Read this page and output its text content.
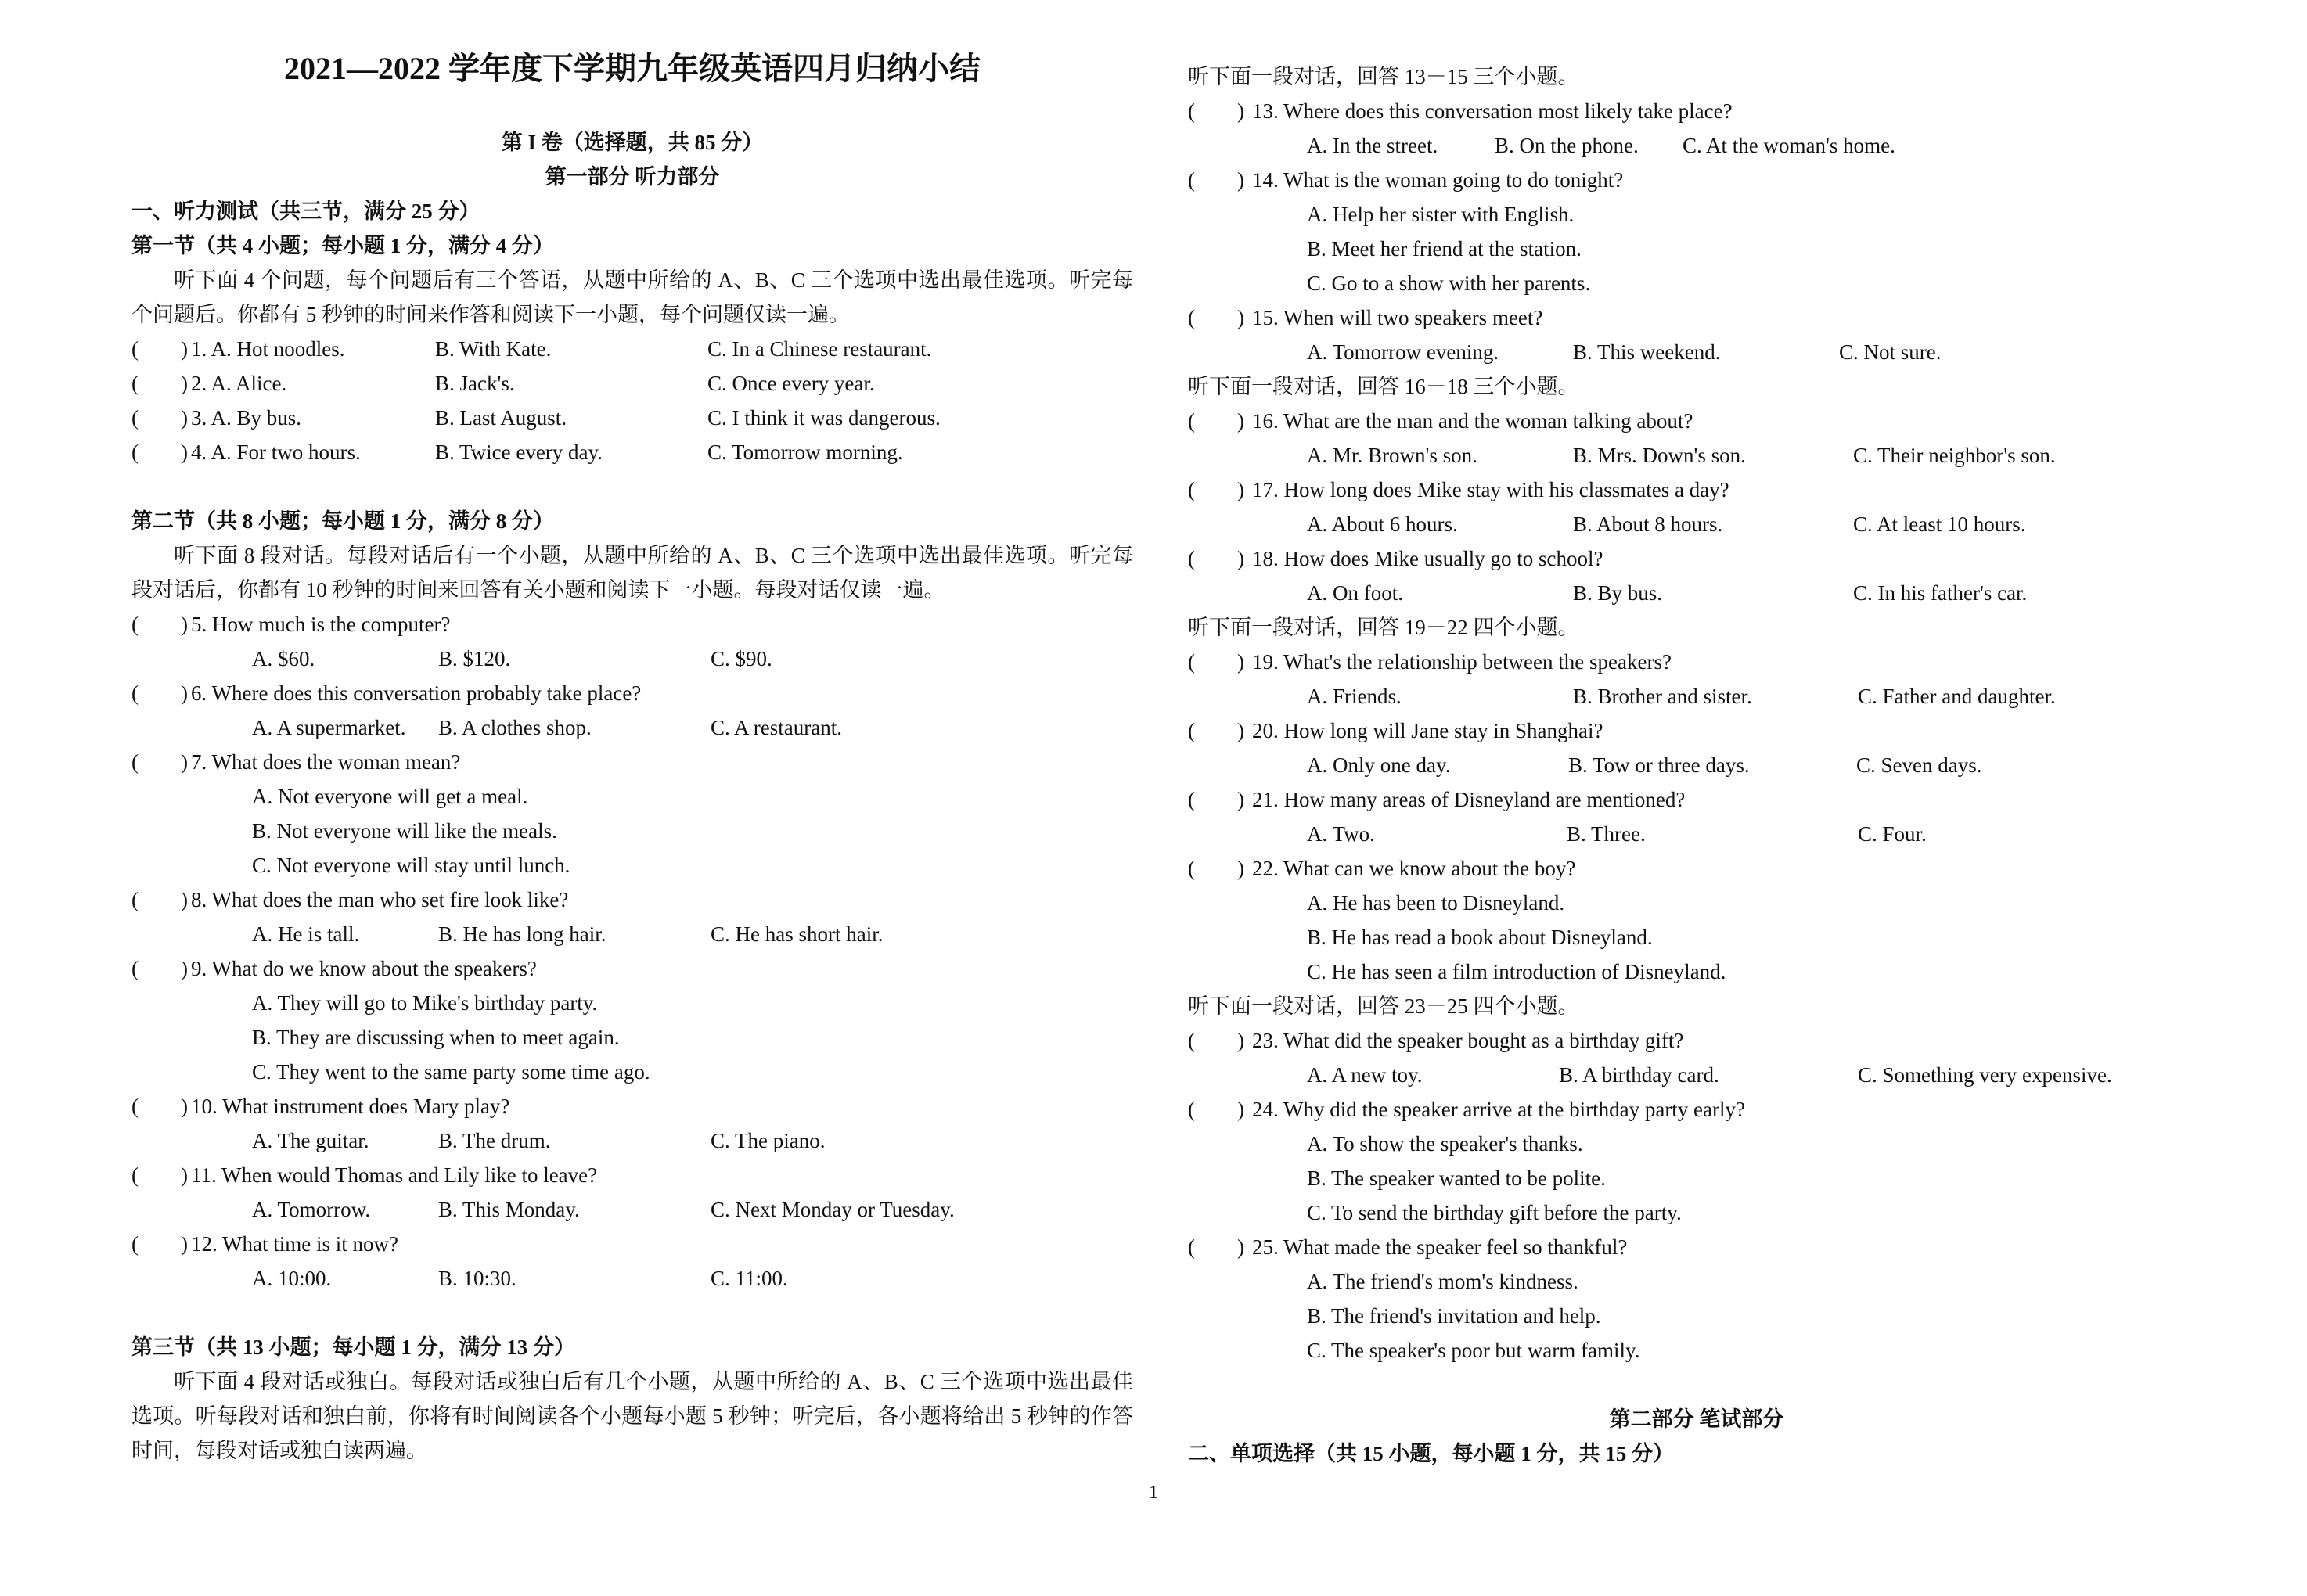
2021—2022 学年度下学期九年级英语四月归纳小结
第 I 卷（选择题，共 85 分）
第一部分 听力部分
一、听力测试（共三节，满分 25 分）
第一节（共 4 小题；每小题 1 分，满分 4 分）
听下面 4 个问题，每个问题后有三个答语，从题中所给的 A、B、C 三个选项中选出最佳选项。听完每个问题后。你都有 5 秒钟的时间来作答和阅读下一小题，每个问题仅读一遍。
(　　) 1. A. Hot noodles.	B. With Kate.	C. In a Chinese restaurant.
(　　) 2. A. Alice.	B. Jack's.	C. Once every year.
(　　) 3. A. By bus.	B. Last August.	C. I think it was dangerous.
(　　) 4. A. For two hours.	B. Twice every day.	C. Tomorrow morning.
第二节（共 8 小题；每小题 1 分，满分 8 分）
听下面 8 段对话。每段对话后有一个小题，从题中所给的 A、B、C 三个选项中选出最佳选项。听完每段对话后，你都有 10 秒钟的时间来回答有关小题和阅读下一小题。每段对话仅读一遍。
(　　) 5. How much is the computer?
A. $60.	B. $120.	C. $90.
(　　) 6. Where does this conversation probably take place?
A. A supermarket. B. A clothes shop.	C. A restaurant.
(　　) 7. What does the woman mean?
A. Not everyone will get a meal.
B. Not everyone will like the meals.
C. Not everyone will stay until lunch.
(　　) 8. What does the man who set fire look like?
A. He is tall.	B. He has long hair.	C. He has short hair.
(　　) 9. What do we know about the speakers?
A. They will go to Mike's birthday party.
B. They are discussing when to meet again.
C. They went to the same party some time ago.
(　　) 10. What instrument does Mary play?
A. The guitar.	B. The drum.	C. The piano.
(　　) 11. When would Thomas and Lily like to leave?
A. Tomorrow.	B. This Monday.	C. Next Monday or Tuesday.
(　　) 12. What time is it now?
A. 10:00.	B. 10:30.	C. 11:00.
第三节（共 13 小题；每小题 1 分，满分 13 分）
听下面 4 段对话或独白。每段对话或独白后有几个小题，从题中所给的 A、B、C 三个选项中选出最佳选项。听每段对话和独白前，你将有时间阅读各个小题每小题 5 秒钟；听完后，各小题将给出 5 秒钟的作答时间，每段对话或独白读两遍。
听下面一段对话，回答 13－15 三个小题。
(　　) 13. Where does this conversation most likely take place?
A. In the street.	B. On the phone. C. At the woman's home.
(　　) 14. What is the woman going to do tonight?
A. Help her sister with English.
B. Meet her friend at the station.
C. Go to a show with her parents.
(　　) 15. When will two speakers meet?
A. Tomorrow evening.	B. This weekend.	C. Not sure.
听下面一段对话，回答 16－18 三个小题。
(　　) 16. What are the man and the woman talking about?
A. Mr. Brown's son.	B. Mrs. Down's son.	C. Their neighbor's son.
(　　) 17. How long does Mike stay with his classmates a day?
A. About 6 hours.	B. About 8 hours.	C. At least 10 hours.
(　　) 18. How does Mike usually go to school?
A. On foot.	B. By bus.	C. In his father's car.
听下面一段对话，回答 19－22 四个小题。
(　　) 19. What's the relationship between the speakers?
A. Friends.	B. Brother and sister.	C. Father and daughter.
(　　) 20. How long will Jane stay in Shanghai?
A. Only one day.	B. Tow or three days.	C. Seven days.
(　　) 21. How many areas of Disneyland are mentioned?
A. Two.	B. Three.	C. Four.
(　　) 22. What can we know about the boy?
A. He has been to Disneyland.
B. He has read a book about Disneyland.
C. He has seen a film introduction of Disneyland.
听下面一段对话，回答 23－25 四个小题。
(　　) 23. What did the speaker bought as a birthday gift?
A. A new toy.	B. A birthday card.	C. Something very expensive.
(　　) 24. Why did the speaker arrive at the birthday party early?
A. To show the speaker's thanks.
B. The speaker wanted to be polite.
C. To send the birthday gift before the party.
(　　) 25. What made the speaker feel so thankful?
A. The friend's mom's kindness.
B. The friend's invitation and help.
C. The speaker's poor but warm family.
第二部分 笔试部分
二、单项选择（共 15 小题，每小题 1 分，共 15 分）
1
